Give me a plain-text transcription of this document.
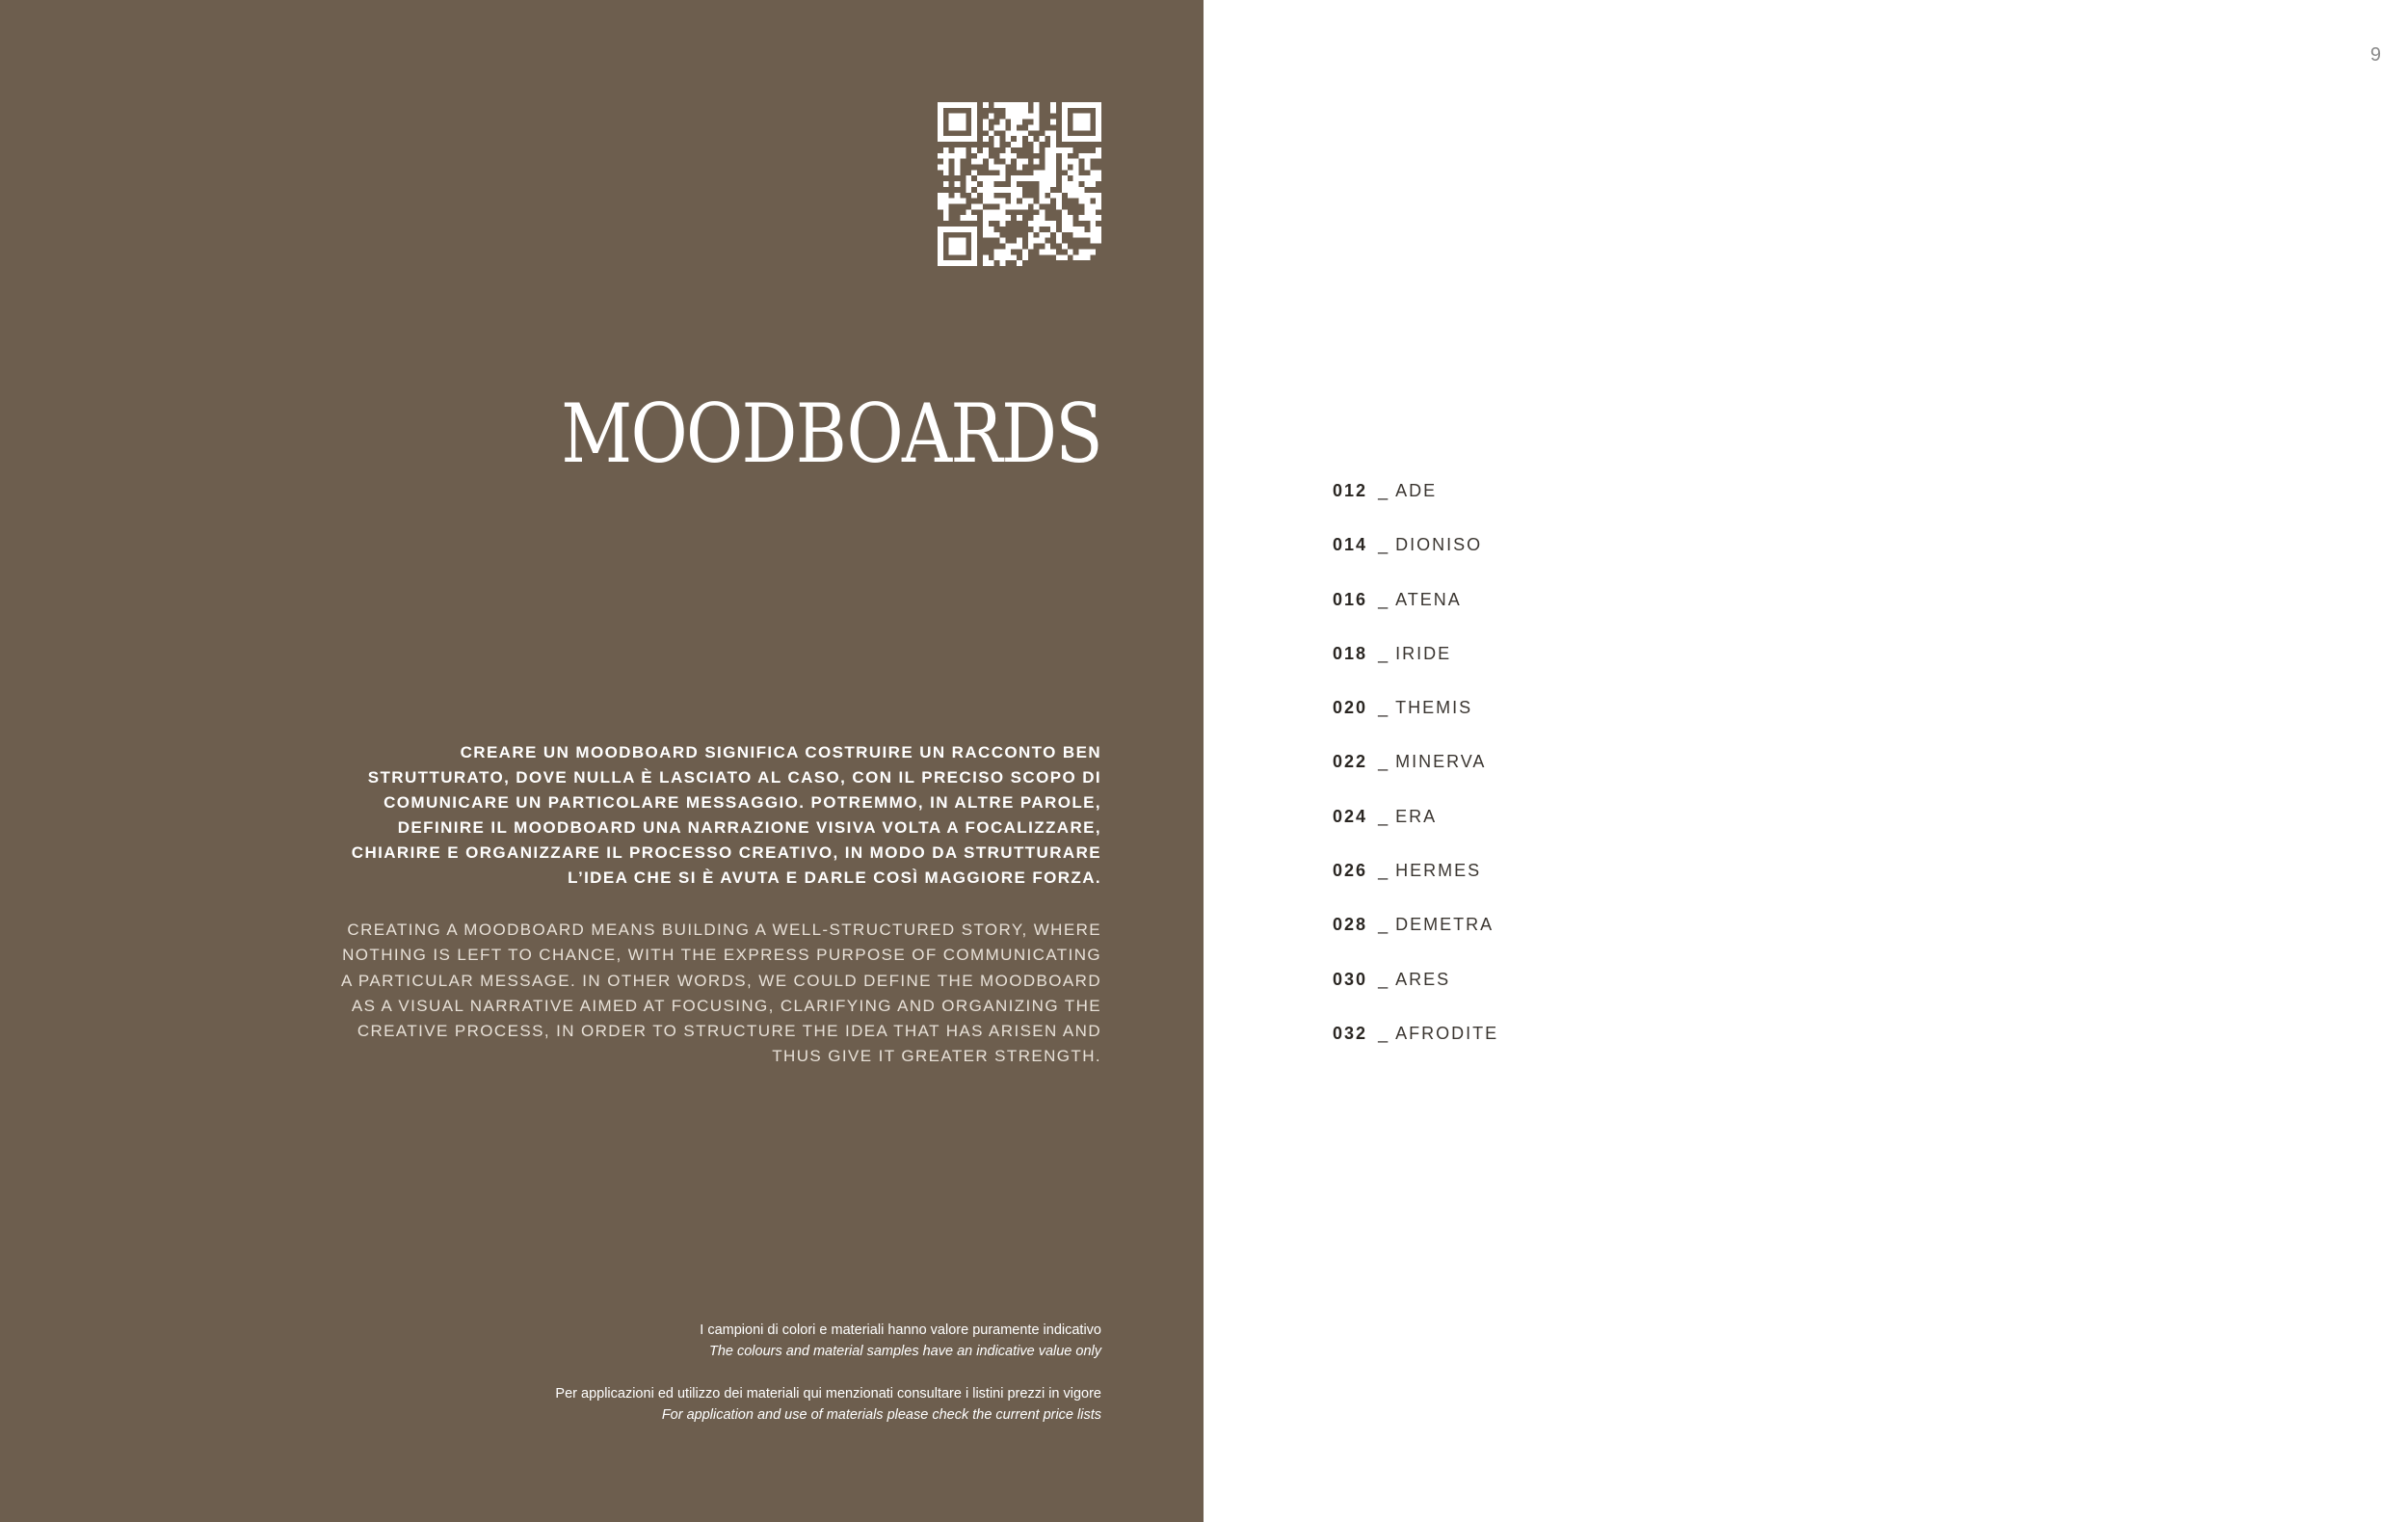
MOODBOARDS

CREARE UN MOODBOARD SIGNIFICA COSTRUIRE UN RACCONTO BEN STRUTTURATO, DOVE NULLA È LASCIATO AL CASO, CON IL PRECISO SCOPO DI COMUNICARE UN PARTICOLARE MESSAGGIO. POTREMMO, IN ALTRE PAROLE, DEFINIRE IL MOODBOARD UNA NARRAZIONE VISIVA VOLTA A FOCALIZZARE, CHIARIRE E ORGANIZZARE IL PROCESSO CREATIVO, IN MODO DA STRUTTURARE L’IDEA CHE SI È AVUTA E DARLE COSÌ MAGGIORE FORZA.

CREATING A MOODBOARD MEANS BUILDING A WELL-STRUCTURED STORY, WHERE NOTHING IS LEFT TO CHANCE, WITH THE EXPRESS PURPOSE OF COMMUNICATING A PARTICULAR MESSAGE. IN OTHER WORDS, WE COULD DEFINE THE MOODBOARD AS A VISUAL NARRATIVE AIMED AT FOCUSING, CLARIFYING AND ORGANIZING THE CREATIVE PROCESS, IN ORDER TO STRUCTURE THE IDEA THAT HAS ARISEN AND THUS GIVE IT GREATER STRENGTH.

I campioni di colori e materiali hanno valore puramente indicativo
The colours and material samples have an indicative value only

Per applicazioni ed utilizzo dei materiali qui menzionati consultare i listini prezzi in vigore
For application and use of materials please check the current price lists

9
012 _ ADE
014 _ DIONISO
016 _ ATENA
018 _ IRIDE
020 _ THEMIS
022 _ MINERVA
024 _ ERA
026 _ HERMES
028 _ DEMETRA
030 _ ARES
032 _ AFRODITE
